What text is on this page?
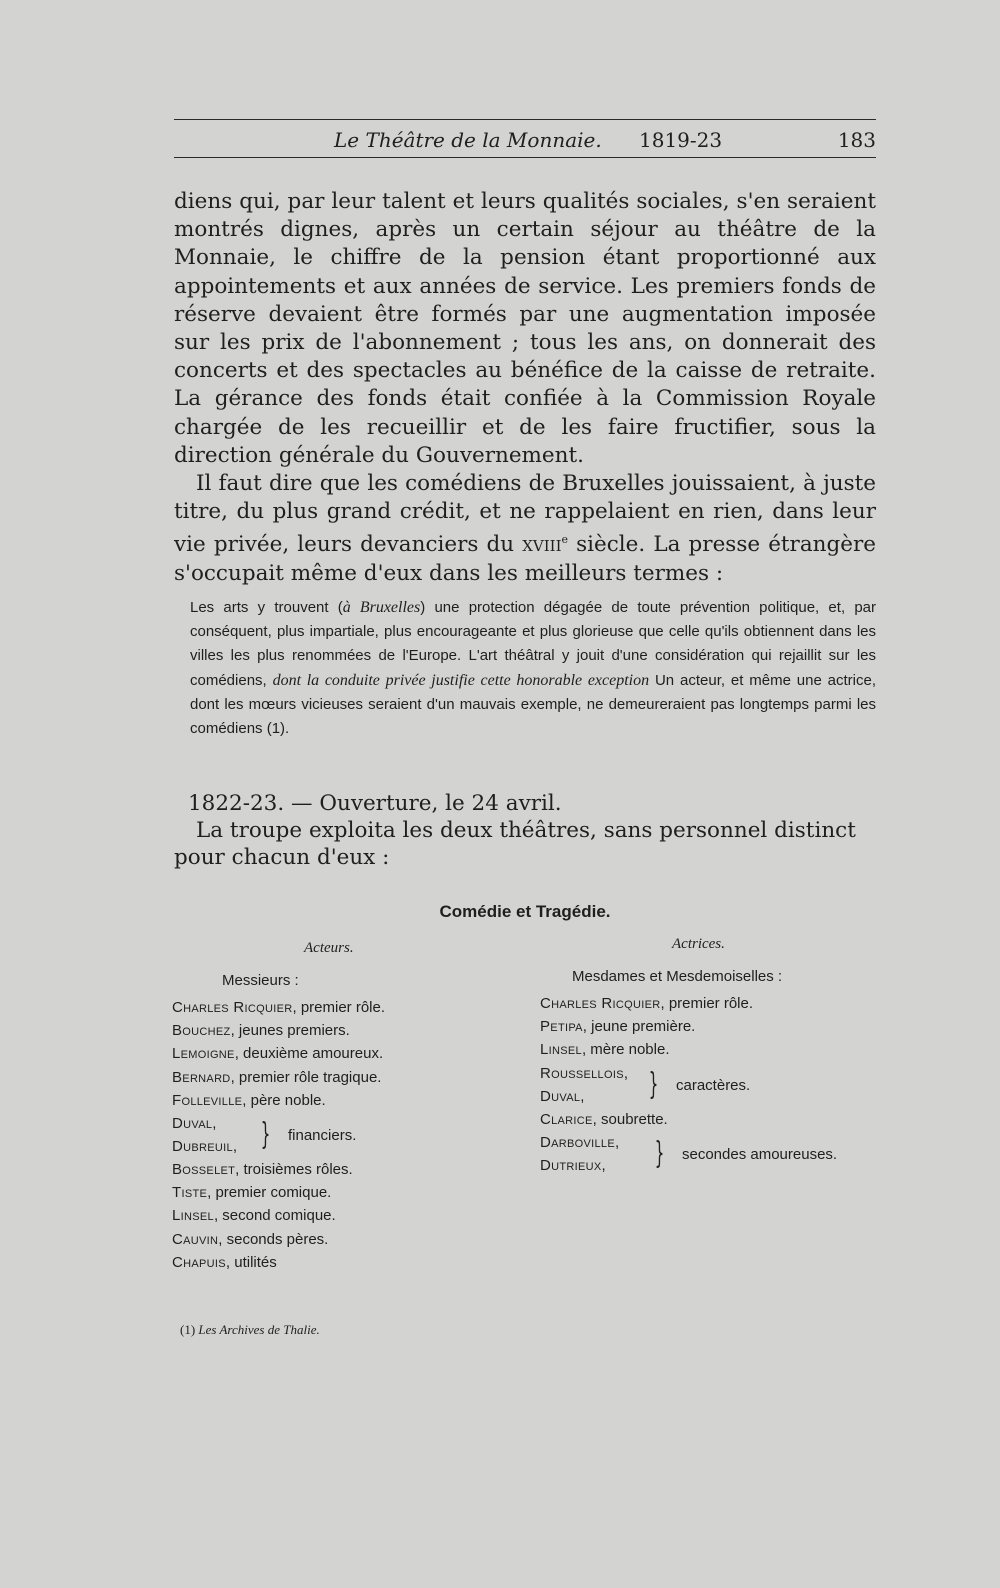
Le Théâtre de la Monnaie. 1819-23	183

diens qui, par leur talent et leurs qualités sociales, s'en seraient montrés dignes, après un certain séjour au théâtre de la Monnaie, le chiffre de la pension étant proportionné aux appointements et aux années de service. Les premiers fonds de réserve devaient être formés par une augmentation imposée sur les prix de l'abonnement ; tous les ans, on donnerait des concerts et des spectacles au bénéfice de la caisse de retraite. La gérance des fonds était confiée à la Commission Royale chargée de les recueillir et de les faire fructifier, sous la direction générale du Gouvernement.

Il faut dire que les comédiens de Bruxelles jouissaient, à juste titre, du plus grand crédit, et ne rappelaient en rien, dans leur vie privée, leurs devanciers du xviii$^e$ siècle. La presse étrangère s'occupait même d'eux dans les meilleurs termes :

Les arts y trouvent (à Bruxelles) une protection dégagée de toute prévention politique, et, par conséquent, plus impartiale, plus encourageante et plus glorieuse que celle qu'ils obtiennent dans les villes les plus renommées de l'Europe. L'art théâtral y jouit d'une considération qui rejaillit sur les comédiens, dont la conduite privée justifie cette honorable exception Un acteur, et même une actrice, dont les mœurs vicieuses seraient d'un mauvais exemple, ne demeureraient pas longtemps parmi les comédiens (1).

1822-23. — Ouverture, le 24 avril.

La troupe exploita les deux théâtres, sans personnel distinct pour chacun d'eux :

Comédie et Tragédie.
Acteurs.
Messieurs :
Charles Ricquier, premier rôle.
Bouchez, jeunes premiers.
Lemoigne, deuxième amoureux.
Bernard, premier rôle tragique.
Folleville, père noble.
Duval,
Dubreuil, } financiers.
Bosselet, troisièmes rôles.
Tiste, premier comique.
Linsel, second comique.
Cauvin, seconds pères.
Chapuis, utilités
Actrices.
Mesdames et Mesdemoiselles :
Charles Ricquier, premier rôle.
Petipa, jeune première.
Linsel, mère noble.
Roussellois,
Duval,	} caractères.
Clarice, soubrette.
Darboville,
Dutrieux,	} secondes amoureuses.
(1) Les Archives de Thalie.
